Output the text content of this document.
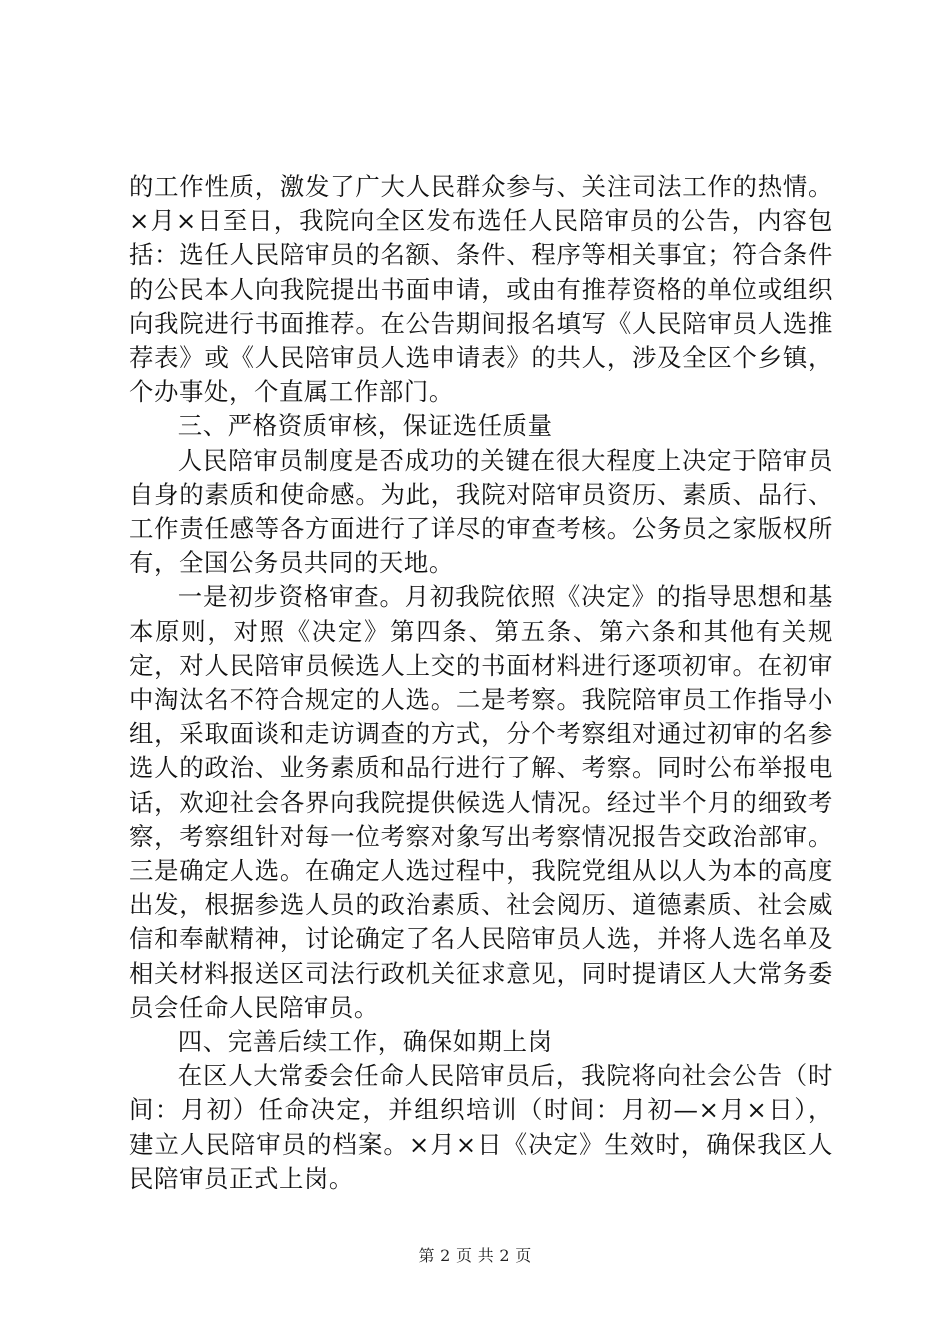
的工作性质，激发了广大人民群众参与、关注司法工作的热情。×月×日至日，我院向全区发布选任人民陪审员的公告，内容包括：选任人民陪审员的名额、条件、程序等相关事宜；符合条件的公民本人向我院提出书面申请，或由有推荐资格的单位或组织向我院进行书面推荐。在公告期间报名填写《人民陪审员人选推荐表》或《人民陪审员人选申请表》的共人，涉及全区个乡镇，个办事处，个直属工作部门。

三、严格资质审核，保证选任质量

人民陪审员制度是否成功的关键在很大程度上决定于陪审员自身的素质和使命感。为此，我院对陪审员资历、素质、品行、工作责任感等各方面进行了详尽的审查考核。公务员之家版权所有，全国公务员共同的天地。

一是初步资格审查。月初我院依照《决定》的指导思想和基本原则，对照《决定》第四条、第五条、第六条和其他有关规定，对人民陪审员候选人上交的书面材料进行逐项初审。在初审中淘汰名不符合规定的人选。二是考察。我院陪审员工作指导小组，采取面谈和走访调查的方式，分个考察组对通过初审的名参选人的政治、业务素质和品行进行了解、考察。同时公布举报电话，欢迎社会各界向我院提供候选人情况。经过半个月的细致考察，考察组针对每一位考察对象写出考察情况报告交政治部审。三是确定人选。在确定人选过程中，我院党组从以人为本的高度出发，根据参选人员的政治素质、社会阅历、道德素质、社会威信和奉献精神，讨论确定了名人民陪审员人选，并将人选名单及相关材料报送区司法行政机关征求意见，同时提请区人大常务委员会任命人民陪审员。

四、完善后续工作，确保如期上岗

在区人大常委会任命人民陪审员后，我院将向社会公告（时间：月初）任命决定，并组织培训（时间：月初—×月×日），建立人民陪审员的档案。×月×日《决定》生效时，确保我区人民陪审员正式上岗。

第 2 页 共 2 页
